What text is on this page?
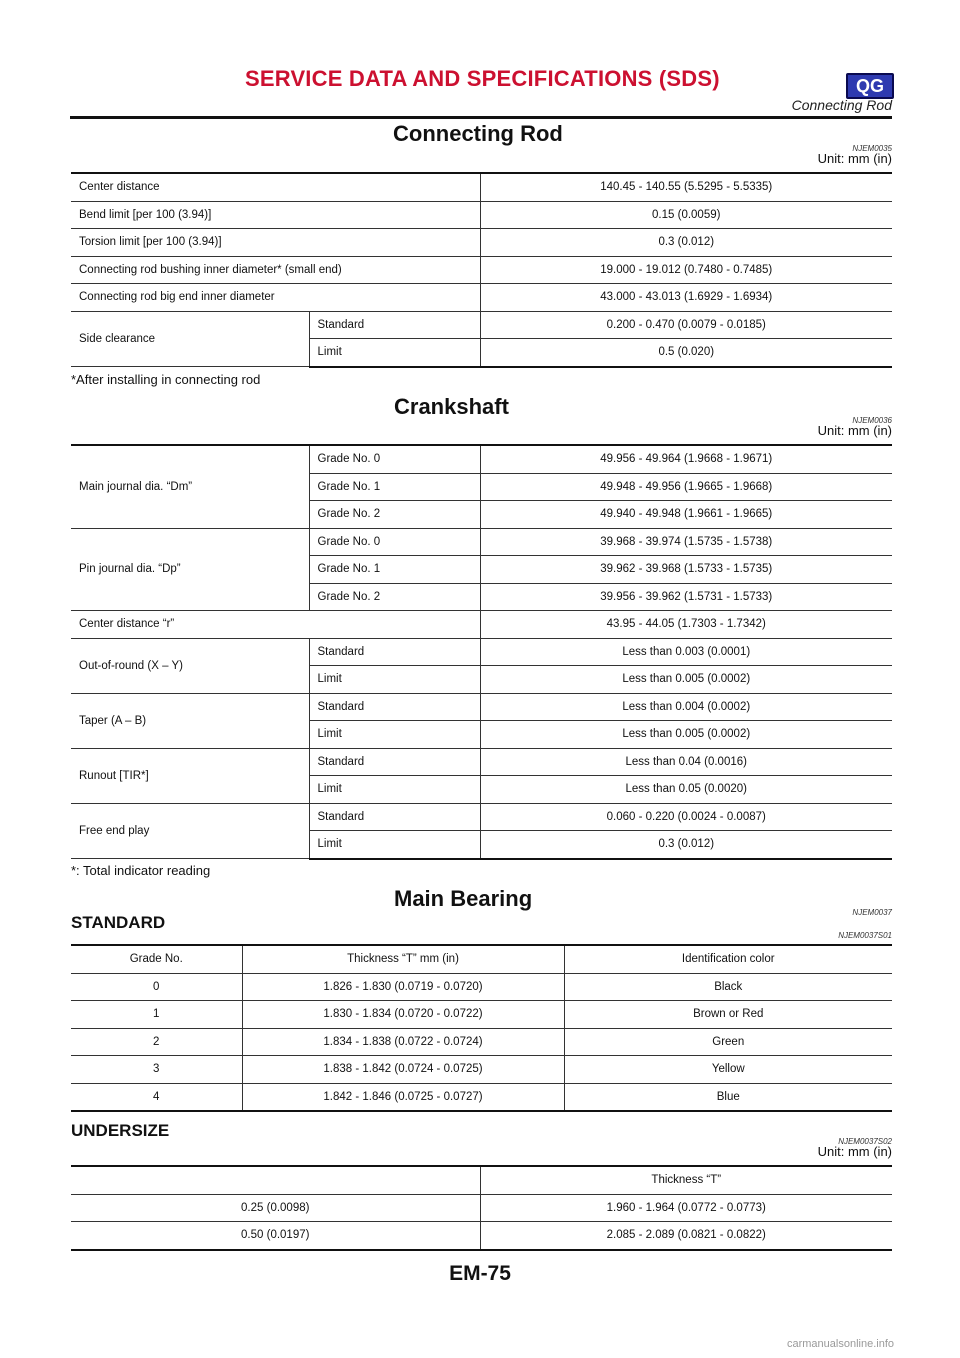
SERVICE DATA AND SPECIFICATIONS (SDS)	QG
Connecting Rod
Connecting Rod
NJEM0035
Unit: mm (in)
Center distance		140.45 - 140.55 (5.5295 - 5.5335)
Bend limit [per 100 (3.94)]		0.15 (0.0059)
Torsion limit [per 100 (3.94)]		0.3 (0.012)
Connecting rod bushing inner diameter* (small end)		19.000 - 19.012 (0.7480 - 0.7485)
Connecting rod big end inner diameter		43.000 - 43.013 (1.6929 - 1.6934)
Side clearance	Standard	0.200 - 0.470 (0.0079 - 0.0185)
	Limit	0.5 (0.020)
*After installing in connecting rod
Crankshaft
NJEM0036
Unit: mm (in)
Main journal dia. “Dm”	Grade No. 0	49.956 - 49.964 (1.9668 - 1.9671)
	Grade No. 1	49.948 - 49.956 (1.9665 - 1.9668)
	Grade No. 2	49.940 - 49.948 (1.9661 - 1.9665)
Pin journal dia. “Dp”	Grade No. 0	39.968 - 39.974 (1.5735 - 1.5738)
	Grade No. 1	39.962 - 39.968 (1.5733 - 1.5735)
	Grade No. 2	39.956 - 39.962 (1.5731 - 1.5733)
Center distance “r”		43.95 - 44.05 (1.7303 - 1.7342)
Out-of-round (X – Y)	Standard	Less than 0.003 (0.0001)
	Limit	Less than 0.005 (0.0002)
Taper (A – B)	Standard	Less than 0.004 (0.0002)
	Limit	Less than 0.005 (0.0002)
Runout [TIR*]	Standard	Less than 0.04 (0.0016)
	Limit	Less than 0.05 (0.0020)
Free end play	Standard	0.060 - 0.220 (0.0024 - 0.0087)
	Limit	0.3 (0.012)
*: Total indicator reading
Main Bearing
NJEM0037
STANDARD
NJEM0037S01
Grade No.	Thickness “T” mm (in)	Identification color
0	1.826 - 1.830 (0.0719 - 0.0720)	Black
1	1.830 - 1.834 (0.0720 - 0.0722)	Brown or Red
2	1.834 - 1.838 (0.0722 - 0.0724)	Green
3	1.838 - 1.842 (0.0724 - 0.0725)	Yellow
4	1.842 - 1.846 (0.0725 - 0.0727)	Blue
UNDERSIZE
NJEM0037S02
Unit: mm (in)
	Thickness “T”
0.25 (0.0098)	1.960 - 1.964 (0.0772 - 0.0773)
0.50 (0.0197)	2.085 - 2.089 (0.0821 - 0.0822)
EM-75
carmanualsonline.info
